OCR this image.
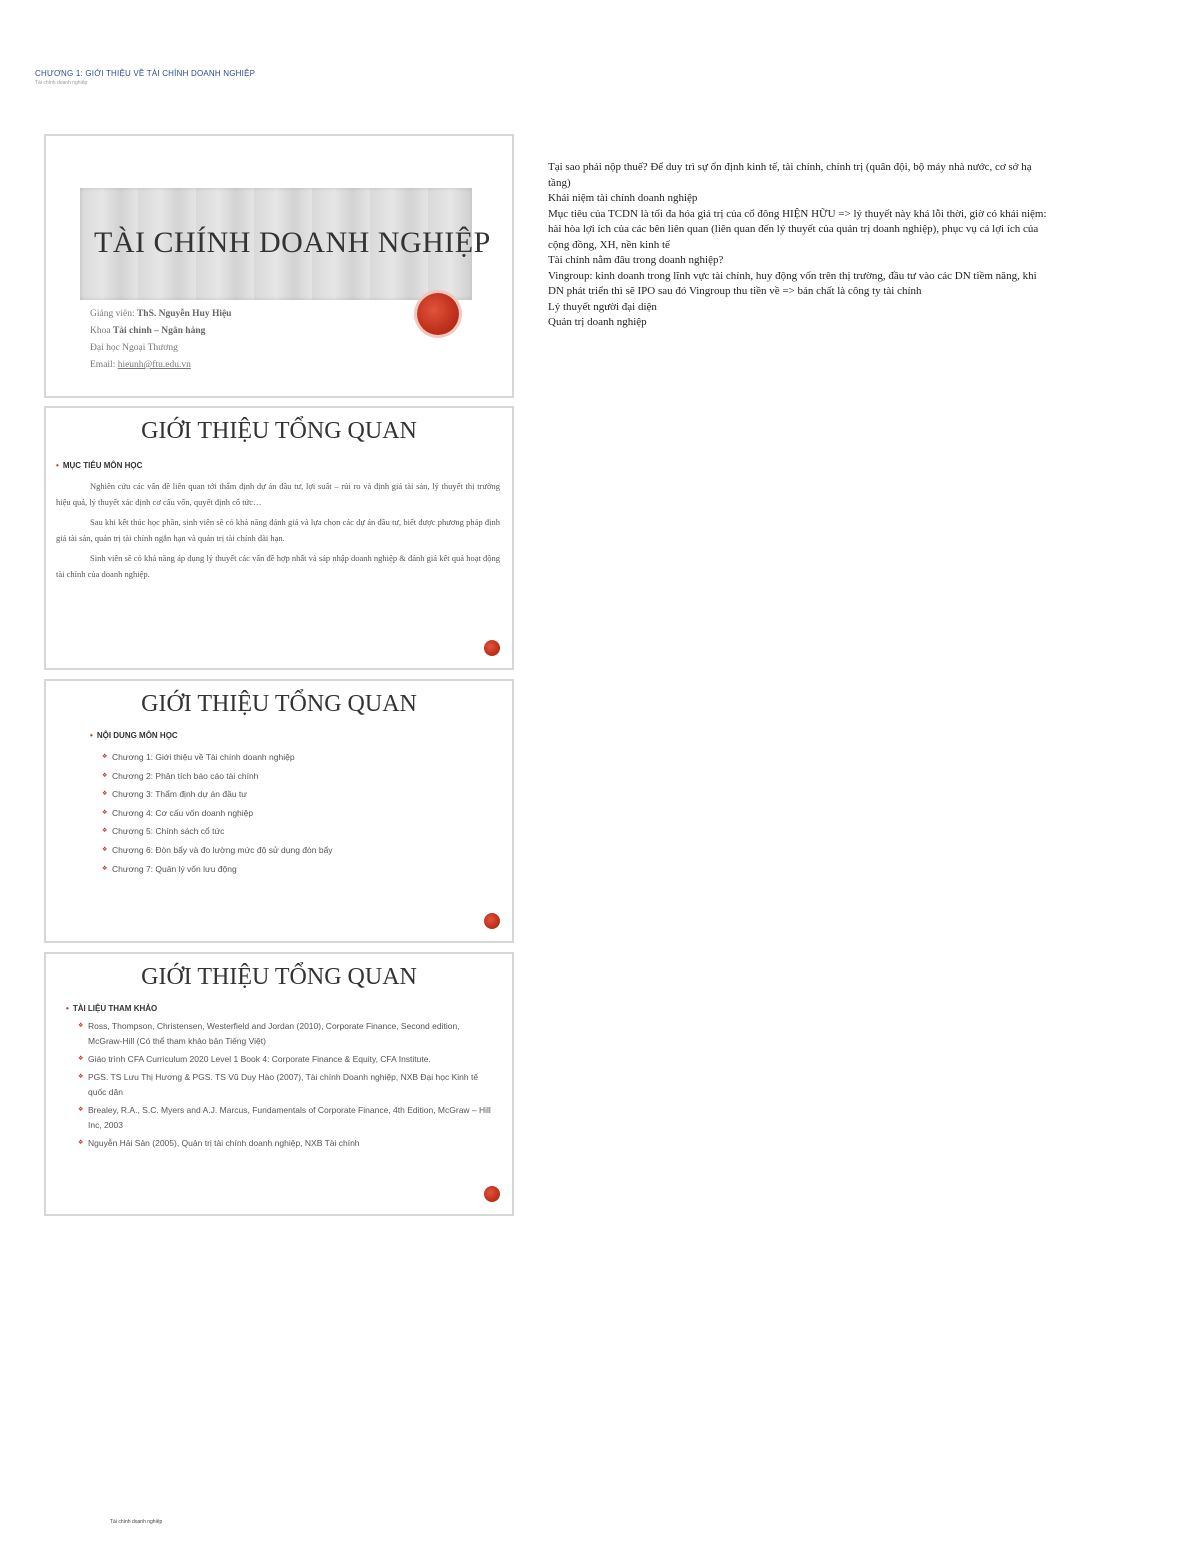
CHƯƠNG 1: GIỚI THIỆU VỀ TÀI CHÍNH DOANH NGHIỆP
Tài chính doanh nghiệp
TÀI CHÍNH DOANH NGHIỆP
Giảng viên: ThS. Nguyễn Huy Hiệu
Khoa Tài chính – Ngân hàng
Đại học Ngoại Thương
Email: hieunh@ftu.edu.vn
GIỚI THIỆU TỔNG QUAN
• MỤC TIÊU MÔN HỌC
Nghiên cứu các vấn đề liên quan tới thẩm định dự án đầu tư, lợi suất – rủi ro và định giá tài sản, lý thuyết thị trường hiệu quả, lý thuyết xác định cơ cấu vốn, quyết định cổ tức…
Sau khi kết thúc học phần, sinh viên sẽ có khả năng đánh giá và lựa chọn các dự án đầu tư, biết được phương pháp định giá tài sản, quản trị tài chính ngắn hạn và quản trị tài chính dài hạn.
Sinh viên sẽ có khả năng áp dụng lý thuyết các vấn đề hợp nhất và sáp nhập doanh nghiệp & đánh giá kết quả hoạt động tài chính của doanh nghiệp.
GIỚI THIỆU TỔNG QUAN
• NỘI DUNG MÔN HỌC
❖ Chương 1: Giới thiệu về Tài chính doanh nghiệp
❖ Chương 2: Phân tích báo cáo tài chính
❖ Chương 3: Thẩm định dự án đầu tư
❖ Chương 4: Cơ cấu vốn doanh nghiệp
❖ Chương 5: Chính sách cổ tức
❖ Chương 6: Đòn bẩy và đo lường mức độ sử dụng đòn bẩy
❖ Chương 7: Quản lý vốn lưu động
GIỚI THIỆU TỔNG QUAN
• TÀI LIỆU THAM KHẢO
❖ Ross, Thompson, Christensen, Westerfield and Jordan (2010), Corporate Finance, Second edition, McGraw-Hill (Có thể tham khảo bản Tiếng Việt)
❖ Giáo trình CFA Curriculum 2020 Level 1 Book 4: Corporate Finance & Equity, CFA Institute.
❖ PGS. TS Lưu Thị Hương & PGS. TS Vũ Duy Hào (2007), Tài chính Doanh nghiệp, NXB Đại học Kinh tế quốc dân
❖ Brealey, R.A., S.C. Myers and A.J. Marcus, Fundamentals of Corporate Finance, 4th Edition, McGraw – Hill Inc, 2003
❖ Nguyễn Hải Sản (2005), Quản trị tài chính doanh nghiệp, NXB Tài chính
Tại sao phải nộp thuế? Để duy trì sự ổn định kinh tế, tài chính, chính trị (quân đội, bộ máy nhà nước, cơ sở hạ tầng)
Khái niệm tài chính doanh nghiệp
Mục tiêu của TCDN là tối đa hóa giá trị của cổ đông HIỆN HỮU => lý thuyết này khá lỗi thời, giờ có khái niệm: hài hòa lợi ích của các bên liên quan (liên quan đến lý thuyết của quản trị doanh nghiệp), phục vụ cả lợi ích của cộng đồng, XH, nền kinh tế
Tài chính nằm đâu trong doanh nghiệp?
Vingroup: kinh doanh trong lĩnh vực tài chính, huy động vốn trên thị trường, đầu tư vào các DN tiềm năng, khi DN phát triển thì sẽ IPO sau đó Vingroup thu tiền về => bản chất là công ty tài chính
Lý thuyết người đại diện
Quản trị doanh nghiệp
Tài chính doanh nghiệp
